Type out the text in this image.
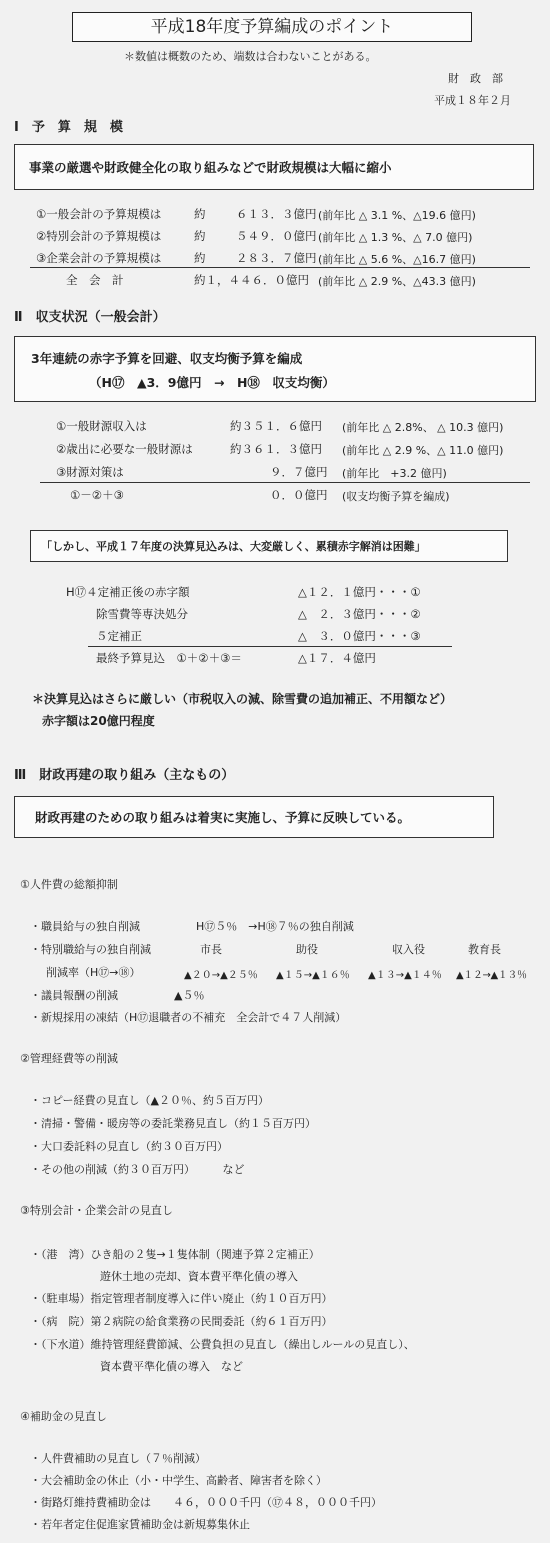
平成18年度予算編成のポイント
＊数値は概数のため、端数は合わないことがある。
財　政　部
平成１８年２月
Ⅰ　予　算　規　模
事業の厳選や財政健全化の取り組みなどで財政規模は大幅に縮小
①一般会計の予算規模は	約	６１３．３億円 (前年比 △ 3.1 %、△19.6 億円)
②特別会計の予算規模は	約	５４９．０億円 (前年比 △ 1.3 %、△ 7.0 億円)
③企業会計の予算規模は	約	２８３．７億円 (前年比 △ 5.6 %、△16.7 億円)
全　会　計	約１，４４６．０億円 (前年比 △ 2.9 %、△43.3 億円)
Ⅱ　収支状況（一般会計）
3年連続の赤字予算を回避、収支均衡予算を編成
（H⑰　▲3．9億円　→　H⑱　収支均衡）
①一般財源収入は	約３５１．６億円 (前年比 △ 2.8%、 △ 10.3 億円)
②歳出に必要な一般財源は	約３６１．３億円 (前年比 △ 2.9 %、△ 11.0 億円)
③財源対策は	９．７億円 (前年比　+3.2 億円)
①－②＋③	０．０億円 (収支均衡予算を編成)
「しかし、平成１７年度の決算見込みは、大変厳しく、累積赤字解消は困難」
H⑰４定補正後の赤字額	△１２．１億円・・・①
除雪費等専決処分	△　２．３億円・・・②
５定補正	△　３．０億円・・・③
最終予算見込　①＋②＋③＝	△１７．４億円
＊決算見込はさらに厳しい（市税収入の減、除雪費の追加補正、不用額など）
赤字額は20億円程度
Ⅲ　財政再建の取り組み（主なもの）
財政再建のための取り組みは着実に実施し、予算に反映している。
①人件費の総額抑制
・職員給与の独自削減	H⑰５％　→H⑱７％の独自削減
・特別職給与の独自削減	市長	助役	収入役	教育長
削減率（H⑰→⑱）	▲２０→▲２５％ ▲１５→▲１６％ ▲１３→▲１４％ ▲１２→▲１３％
・議員報酬の削減	▲５％
・新規採用の凍結（H⑰退職者の不補充　全会計で４７人削減）
②管理経費等の削減
・コピー経費の見直し（▲２０％、約５百万円）
・清掃・警備・暖房等の委託業務見直し（約１５百万円）
・大口委託料の見直し（約３０百万円）
・その他の削減（約３０百万円）　　　など
③特別会計・企業会計の見直し
・（港　湾）ひき船の２隻→１隻体制（関連予算２定補正）
遊休土地の売却、資本費平準化債の導入
・（駐車場）指定管理者制度導入に伴い廃止（約１０百万円）
・（病　院）第２病院の給食業務の民間委託（約６１百万円）
・（下水道）維持管理経費節減、公費負担の見直し（繰出しルールの見直し）、
資本費平準化債の導入　など
④補助金の見直し
・人件費補助の見直し（７％削減）
・大会補助金の休止（小・中学生、高齢者、障害者を除く）
・街路灯維持費補助金は　　４６，０００千円（⑰４８，０００千円）
・若年者定住促進家賃補助金は新規募集休止
